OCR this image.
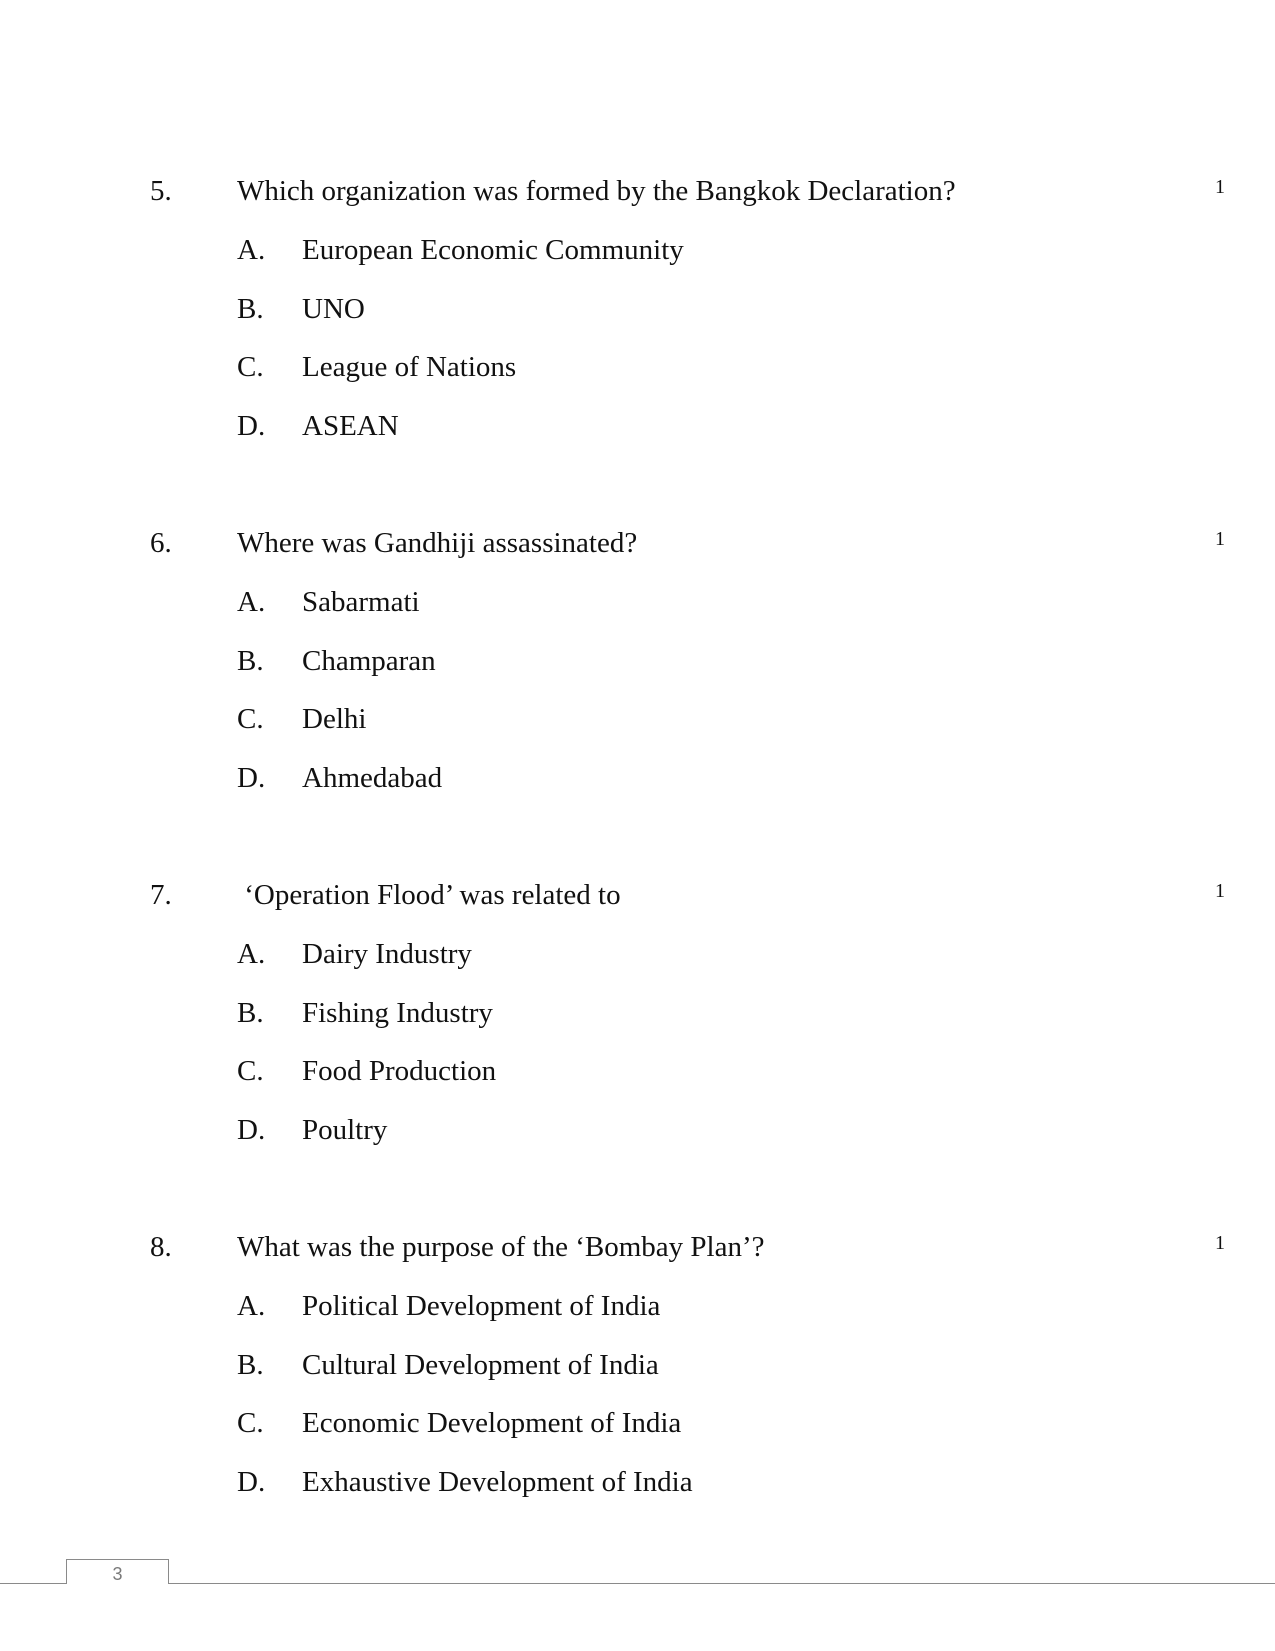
5. Which organization was formed by the Bangkok Declaration?	1
A. European Economic Community
B. UNO
C. League of Nations
D. ASEAN
6. Where was Gandhiji assassinated?	1
A. Sabarmati
B. Champaran
C. Delhi
D. Ahmedabad
7. ‘Operation Flood’ was related to	1
A. Dairy Industry
B. Fishing Industry
C. Food Production
D. Poultry
8. What was the purpose of the ‘Bombay Plan’?	1
A. Political Development of India
B. Cultural Development of India
C. Economic Development of India
D. Exhaustive Development of India
3
